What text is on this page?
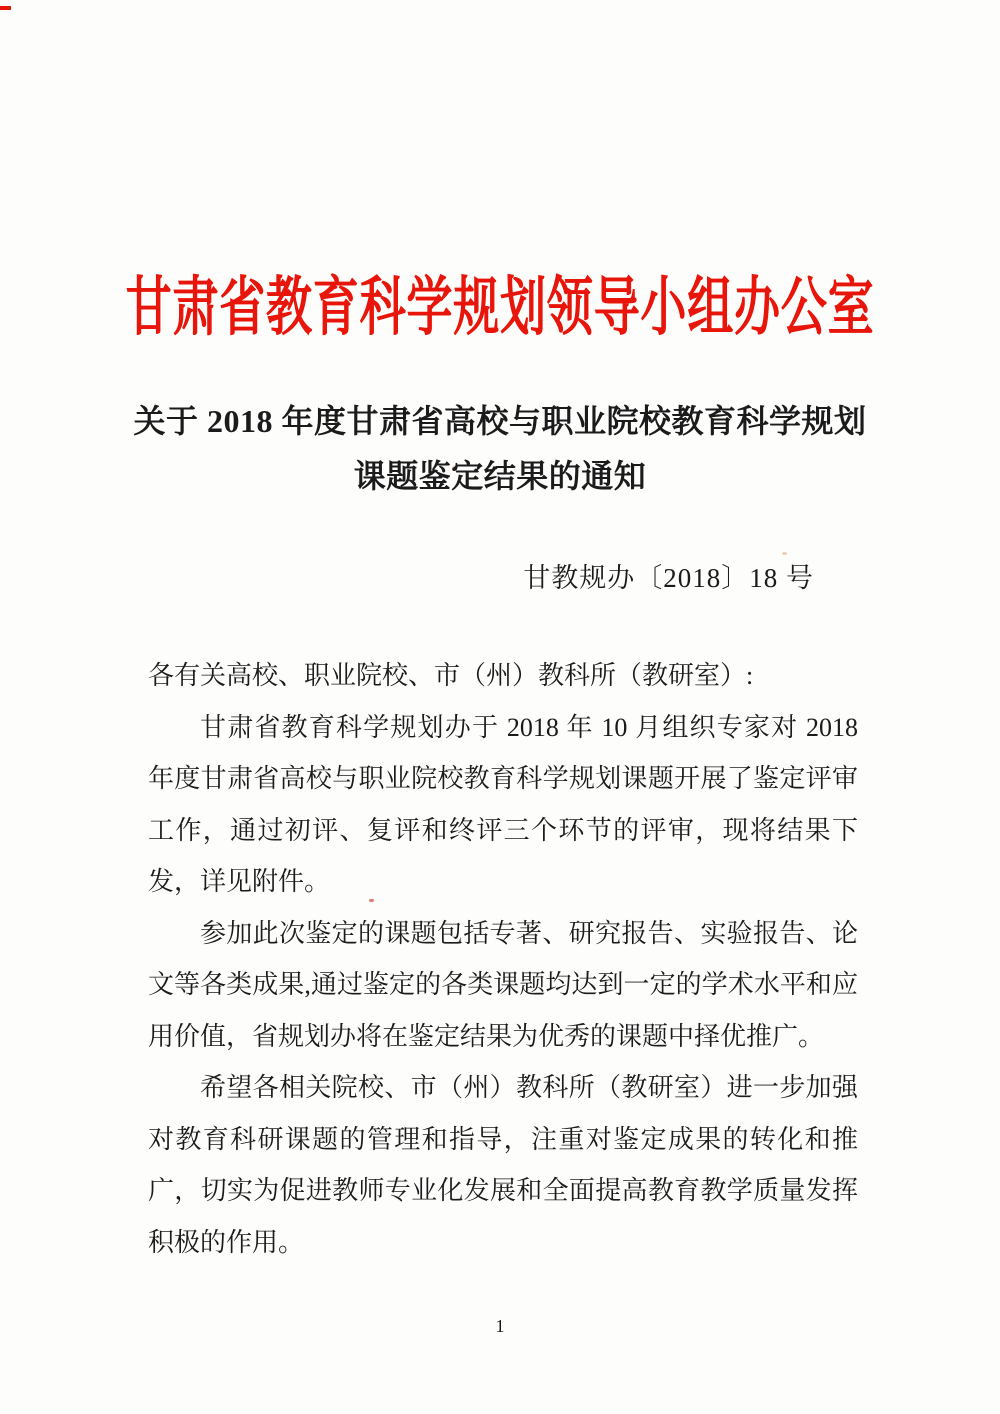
甘肃省教育科学规划领导小组办公室
关于 2018 年度甘肃省高校与职业院校教育科学规划
课题鉴定结果的通知
甘教规办〔2018〕18 号

各有关高校、职业院校、市（州）教科所（教研室）:

甘肃省教育科学规划办于 2018 年 10 月组织专家对 2018 年度甘肃省高校与职业院校教育科学规划课题开展了鉴定评审工作，通过初评、复评和终评三个环节的评审，现将结果下发，详见附件。

参加此次鉴定的课题包括专著、研究报告、实验报告、论文等各类成果,通过鉴定的各类课题均达到一定的学术水平和应用价值，省规划办将在鉴定结果为优秀的课题中择优推广。

希望各相关院校、市（州）教科所（教研室）进一步加强对教育科研课题的管理和指导，注重对鉴定成果的转化和推广，切实为促进教师专业化发展和全面提高教育教学质量发挥积极的作用。

1
